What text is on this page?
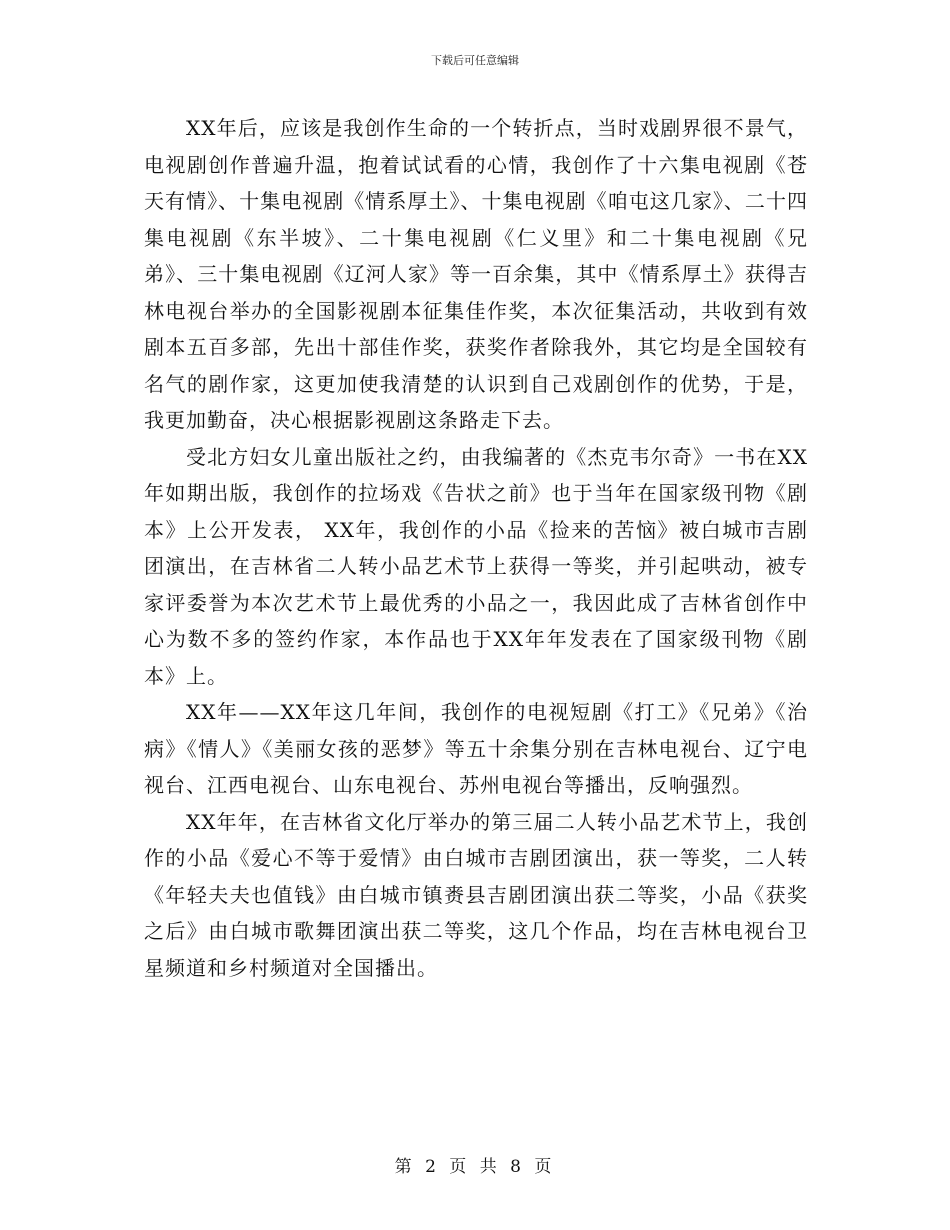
下载后可任意编辑

XX年后，应该是我创作生命的一个转折点，当时戏剧界很不景气，电视剧创作普遍升温，抱着试试看的心情，我创作了十六集电视剧《苍天有情》、十集电视剧《情系厚土》、十集电视剧《咱屯这几家》、二十四集电视剧《东半坡》、二十集电视剧《仁义里》和二十集电视剧《兄弟》、三十集电视剧《辽河人家》等一百余集，其中《情系厚土》获得吉林电视台举办的全国影视剧本征集佳作奖，本次征集活动，共收到有效剧本五百多部，先出十部佳作奖，获奖作者除我外，其它均是全国较有名气的剧作家，这更加使我清楚的认识到自己戏剧创作的优势，于是，我更加勤奋，决心根据影视剧这条路走下去。

受北方妇女儿童出版社之约，由我编著的《杰克韦尔奇》一书在XX年如期出版，我创作的拉场戏《告状之前》也于当年在国家级刊物《剧本》上公开发表， XX年，我创作的小品《捡来的苦恼》被白城市吉剧团演出，在吉林省二人转小品艺术节上获得一等奖，并引起哄动，被专家评委誉为本次艺术节上最优秀的小品之一，我因此成了吉林省创作中心为数不多的签约作家，本作品也于XX年年发表在了国家级刊物《剧本》上。

XX年——XX年这几年间，我创作的电视短剧《打工》《兄弟》《治病》《情人》《美丽女孩的恶梦》等五十余集分别在吉林电视台、辽宁电视台、江西电视台、山东电视台、苏州电视台等播出，反响强烈。

XX年年，在吉林省文化厅举办的第三届二人转小品艺术节上，我创作的小品《爱心不等于爱情》由白城市吉剧团演出，获一等奖，二人转《年轻夫夫也值钱》由白城市镇赉县吉剧团演出获二等奖，小品《获奖之后》由白城市歌舞团演出获二等奖，这几个作品，均在吉林电视台卫星频道和乡村频道对全国播出。

第 2 页 共 8 页
